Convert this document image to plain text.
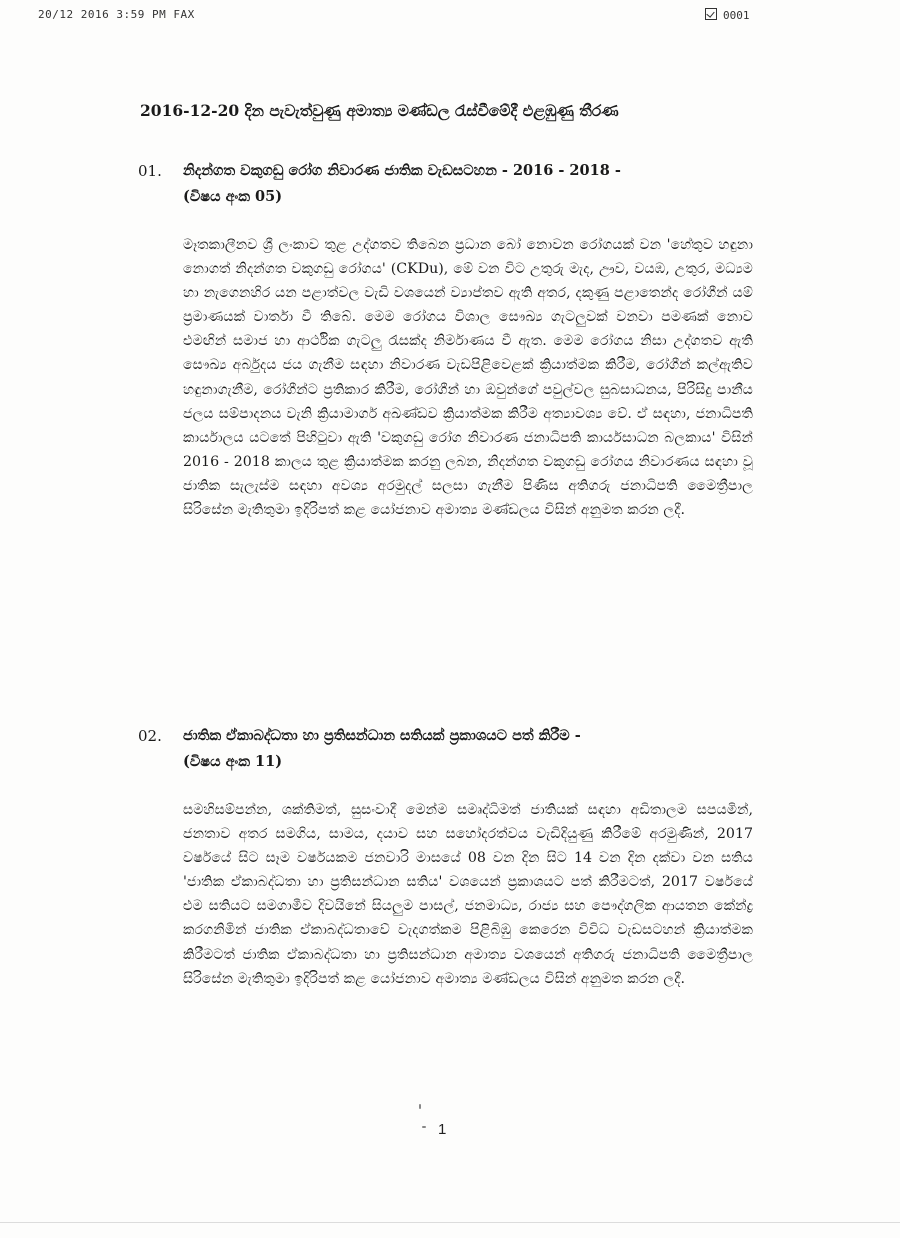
20/12 2016 3:59 PM FAX	0001
2016-12-20 දින පැවැත්වුණු අමාත්‍ය මණ්ඩල රැස්වීමේදී එළඹුණු තීරණ
01. නිදන්ගත වකුගඩු රෝග නිවාරණ ජාතික වැඩසටහන - 2016 - 2018 -
(විෂය අංක 05)
මෑතකාලීනව ශ්‍රී ලංකාව තුළ උද්ගතව තිබෙන ප්‍රධාන බෝ නොවන රෝගයක් වන 'හේතුව හඳුනා නොගත් නිදන්ගත වකුගඩු රෝගය' (CKDu), මේ වන විට උතුරු මැද, ඌව, වයඹ, උතුර, මධ්‍යම හා නැගෙනහිර යන පළාත්වල වැඩි වශයෙන් ව්‍යාප්තව ඇති අතර, දකුණු පළාතෙන්ද රෝගීන් යම් ප්‍රමාණයක් වාර්තා වී තිබේ. මෙම රෝගය විශාල සෞඛ්‍ය ගැටලුවක් වනවා පමණක් නොව එමඟින් සමාජ හා ආර්ථික ගැටලු රැසක්ද නිර්මාණය වී ඇත. මෙම රෝගය නිසා උද්ගතව ඇති සෞඛ්‍ය අර්බුදය ජය ගැනීම සඳහා නිවාරණ වැඩපිළිවෙළක් ක්‍රියාත්මක කිරීම, රෝගීන් කල්ඇතිව හඳුනාගැනීම, රෝගීන්ට ප්‍රතිකාර කිරීම, රෝගීන් හා ඔවුන්ගේ පවුල්වල සුබසාධනය, පිරිසිදු පානීය ජලය සම්පාදනය වැනි ක්‍රියාමාර්ග අඛණ්ඩව ක්‍රියාත්මක කිරීම අත්‍යාවශ්‍ය වේ. ඒ සඳහා, ජනාධිපති කාර්යාලය යටතේ පිහිටුවා ඇති 'වකුගඩු රෝග නිවාරණ ජනාධිපති කාර්යසාධන බලකාය' විසින් 2016 - 2018 කාලය තුළ ක්‍රියාත්මක කරනු ලබන, නිදන්ගත වකුගඩු රෝගය නිවාරණය සඳහා වූ ජාතික සැලැස්ම සඳහා අවශ්‍ය අරමුදල් සලසා ගැනීම පිණිස අතිගරු ජනාධිපති මෛත්‍රීපාල සිරිසේන මැතිතුමා ඉදිරිපත් කළ යෝජනාව අමාත්‍ය මණ්ඩලය විසින් අනුමත කරන ලදී.
02. ජාතික ඒකාබද්ධතා හා ප්‍රතිසන්ධාන සතියක් ප්‍රකාශයට පත් කිරීම -
(විෂය අංක 11)
සමහිසම්පන්න, ශක්තිමත්, සුසංවාදී මෙන්ම සමෘද්ධිමත් ජාතියක් සඳහා අඩිතාලම සපයමින්, ජනතාව අතර සමගිය, සාමය, දයාව සහ සහෝදරත්වය වැඩිදියුණු කිරීමේ අරමුණින්, 2017 වර්ෂයේ සිට සෑම වර්ෂයකම ජනවාරි මාසයේ 08 වන දින සිට 14 වන දින දක්වා වන සතිය 'ජාතික ඒකාබද්ධතා හා ප්‍රතිසන්ධාන සතිය' වශයෙන් ප්‍රකාශයට පත් කිරීමටත්, 2017 වර්ෂයේ එම සතියට සමගාමීව දිවයිනේ සියලුම පාසල්, ජනමාධ්‍ය, රාජ්‍ය සහ පෞද්ගලික ආයතන කේන්ද්‍ර කරගනිමින් ජාතික ඒකාබද්ධතාවේ වැදගත්කම පිළිබිඹු කෙරෙන විවිධ වැඩසටහන් ක්‍රියාත්මක කිරීමටත් ජාතික ඒකාබද්ධතා හා ප්‍රතිසන්ධාන අමාත්‍ය වශයෙන් අතිගරු ජනාධිපති මෛත්‍රීපාල සිරිසේන මැතිතුමා ඉදිරිපත් කළ යෝජනාව අමාත්‍ය මණ්ඩලය විසින් අනුමත කරන ලදී.
1
